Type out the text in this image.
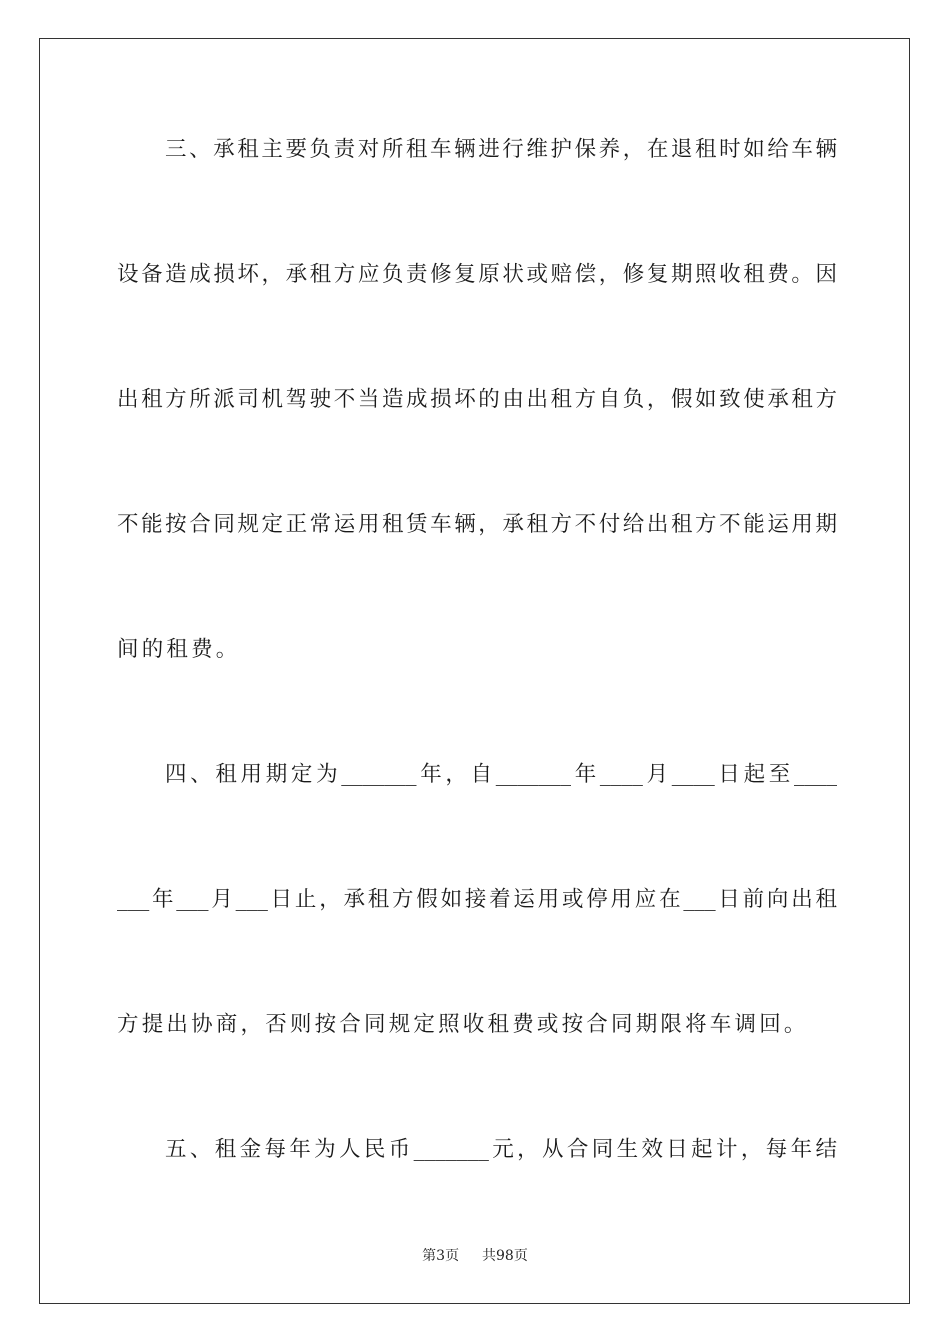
三、承租主要负责对所租车辆进行维护保养，在退租时如给车辆
设备造成损坏，承租方应负责修复原状或赔偿，修复期照收租费。因
出租方所派司机驾驶不当造成损坏的由出租方自负，假如致使承租方
不能按合同规定正常运用租赁车辆，承租方不付给出租方不能运用期
间的租费。
四、租用期定为_______年，自_______年____月____日起至____
___年___月___日止，承租方假如接着运用或停用应在___日前向出租
方提出协商，否则按合同规定照收租费或按合同期限将车调回。
五、租金每年为人民币_______元，从合同生效日起计，每年结
第3页 共98页
